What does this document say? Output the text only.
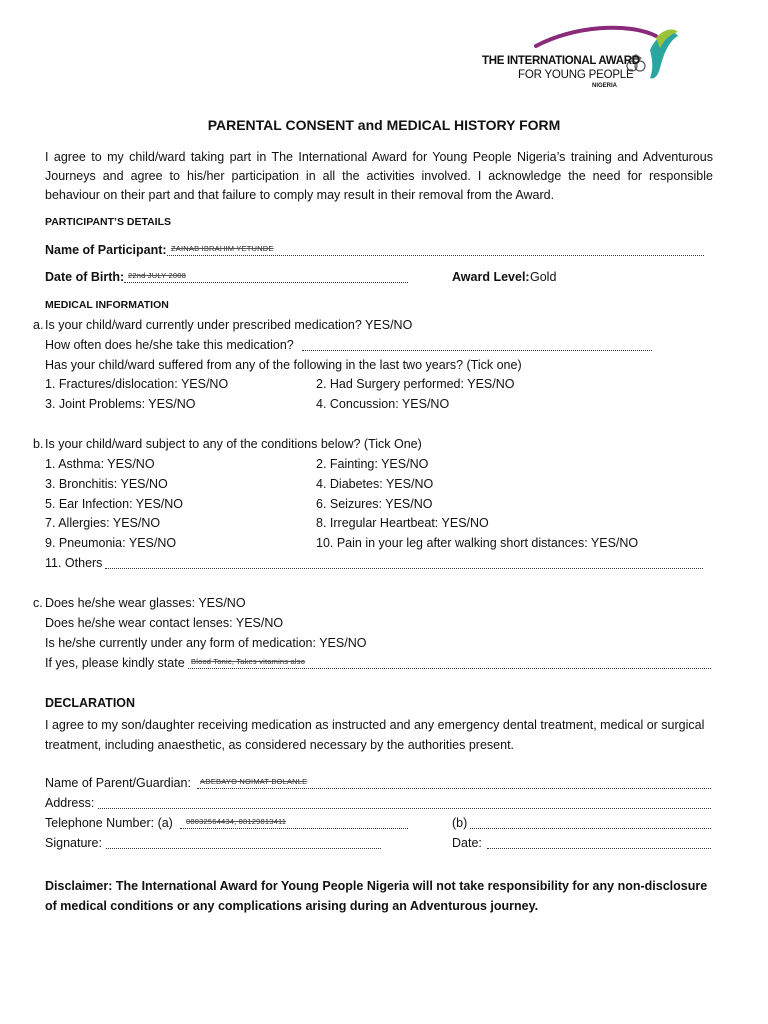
THE INTERNATIONAL AWARD
FOR YOUNG PEOPLE
NIGERIA
PARENTAL CONSENT and MEDICAL HISTORY FORM
I agree to my child/ward taking part in The International Award for Young People Nigeria’s training and Adventurous Journeys and agree to his/her participation in all the activities involved. I acknowledge the need for responsible behaviour on their part and that failure to comply may result in their removal from the Award.
PARTICIPANT’S DETAILS
Name of Participant: ZAINAB IBRAHIM YETUNDE
Date of Birth: 22nd JULY 2008	Award Level: Gold
MEDICAL INFORMATION
a. Is your child/ward currently under prescribed medication? YES/NO
How often does he/she take this medication?
Has your child/ward suffered from any of the following in the last two years? (Tick one)
1. Fractures/dislocation: YES/NO	2. Had Surgery performed: YES/NO
3. Joint Problems: YES/NO	4. Concussion: YES/NO
b. Is your child/ward subject to any of the conditions below? (Tick One)
1. Asthma: YES/NO	2. Fainting: YES/NO
3. Bronchitis: YES/NO	4. Diabetes: YES/NO
5. Ear Infection: YES/NO	6. Seizures: YES/NO
7. Allergies: YES/NO	8. Irregular Heartbeat: YES/NO
9. Pneumonia: YES/NO	10. Pain in your leg after walking short distances: YES/NO
11. Others
c. Does he/she wear glasses: YES/NO
Does he/she wear contact lenses: YES/NO
Is he/she currently under any form of medication: YES/NO
If yes, please kindly state Blood Tonic, Takes vitamins also
DECLARATION
I agree to my son/daughter receiving medication as instructed and any emergency dental treatment, medical or surgical treatment, including anaesthetic, as considered necessary by the authorities present.
Name of Parent/Guardian: ADEBAYO NOIMAT BOLANLE
Address:
Telephone Number: (a) 08032564434, 08129813411	(b)
Signature:	Date:
Disclaimer: The International Award for Young People Nigeria will not take responsibility for any non-disclosure of medical conditions or any complications arising during an Adventurous journey.
